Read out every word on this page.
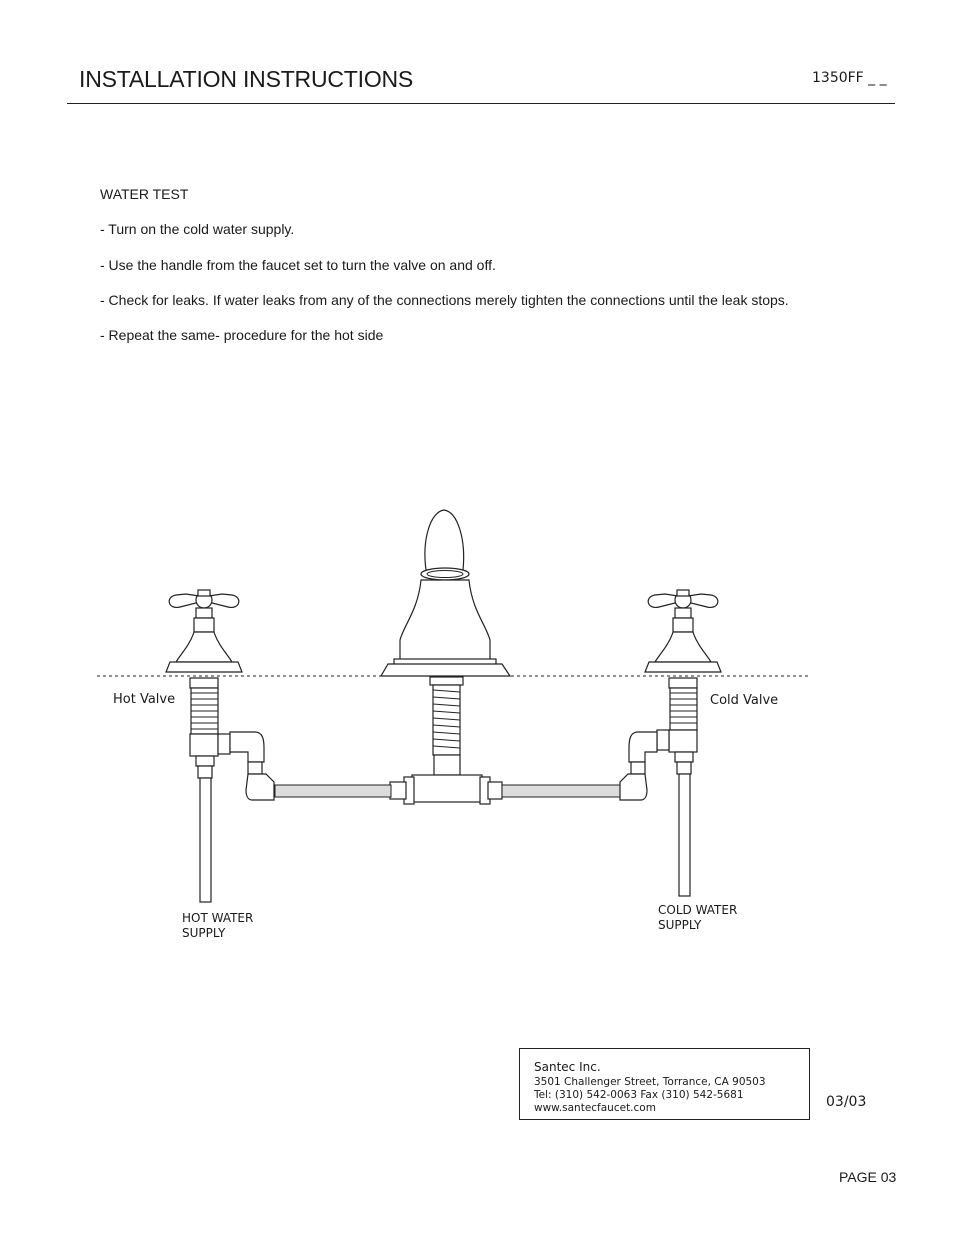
INSTALLATION INSTRUCTIONS	1350FF _ _
WATER TEST
- Turn on the cold water supply.
- Use the handle from the faucet set to turn the valve on and off.
- Check for leaks. If water leaks from any of the connections merely tighten the connections until the leak stops.
- Repeat the same- procedure for the hot side
Hot Valve	Cold Valve
HOT WATER
SUPPLY
COLD WATER
SUPPLY
Santec Inc.
3501 Challenger Street, Torrance, CA 90503
Tel: (310) 542-0063 Fax (310) 542-5681
www.santecfaucet.com	03/03
PAGE 03
